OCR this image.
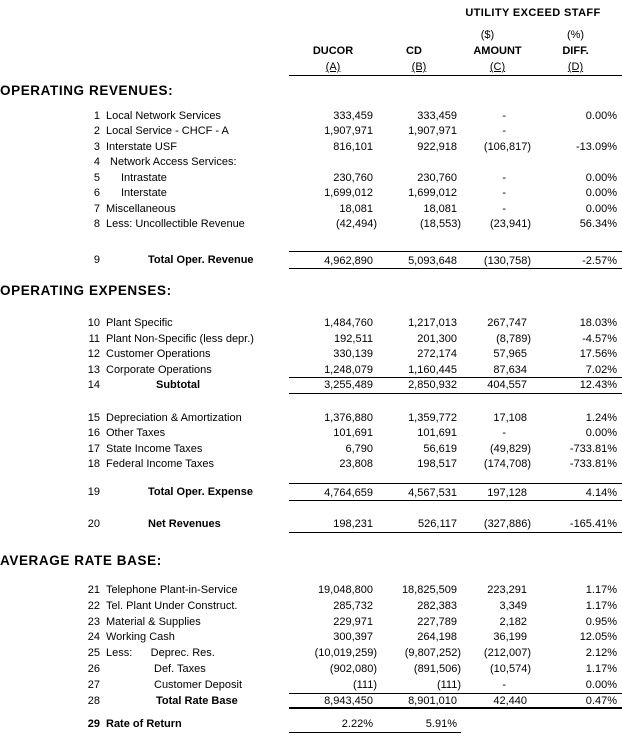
UTILITY EXCEED STAFF
($)	(%)
DUCOR	CD	AMOUNT	DIFF.
(A)	(B)	(C)	(D)
OPERATING REVENUES:
1 Local Network Services	333,459	333,459	-	0.00%
2 Local Service - CHCF - A	1,907,971	1,907,971	-
3 Interstate USF	816,101	922,918	(106,817)	-13.09%
4 Network Access Services:
5	Intrastate	230,760	230,760	-	0.00%
6	Interstate	1,699,012	1,699,012	-	0.00%
7 Miscellaneous	18,081	18,081	-	0.00%
8 Less: Uncollectible Revenue	(42,494)	(18,553)	(23,941)	56.34%
9	Total Oper. Revenue	4,962,890	5,093,648	(130,758)	-2.57%
OPERATING EXPENSES:
10 Plant Specific	1,484,760	1,217,013	267,747	18.03%
11 Plant Non-Specific (less depr.)	192,511	201,300	(8,789)	-4.57%
12 Customer Operations	330,139	272,174	57,965	17.56%
13 Corporate Operations	1,248,079	1,160,445	87,634	7.02%
14	Subtotal	3,255,489	2,850,932	404,557	12.43%
15 Depreciation & Amortization	1,376,880	1,359,772	17,108	1.24%
16 Other Taxes	101,691	101,691	-	0.00%
17 State Income Taxes	6,790	56,619	(49,829)	-733.81%
18 Federal Income Taxes	23,808	198,517	(174,708)	-733.81%
19	Total Oper. Expense	4,764,659	4,567,531	197,128	4.14%
20	Net Revenues	198,231	526,117	(327,886)	-165.41%
AVERAGE RATE BASE:
21 Telephone Plant-in-Service	19,048,800	18,825,509	223,291	1.17%
22 Tel. Plant Under Construct.	285,732	282,383	3,349	1.17%
23 Material & Supplies	229,971	227,789	2,182	0.95%
24 Working Cash	300,397	264,198	36,199	12.05%
25 Less:      Deprec. Res.	(10,019,259)	(9,807,252)	(212,007)	2.12%
26	Def. Taxes	(902,080)	(891,506)	(10,574)	1.17%
27	Customer Deposit	(111)	(111)	-	0.00%
28	Total Rate Base	8,943,450	8,901,010	42,440	0.47%
29 Rate of Return	2.22%	5.91%
